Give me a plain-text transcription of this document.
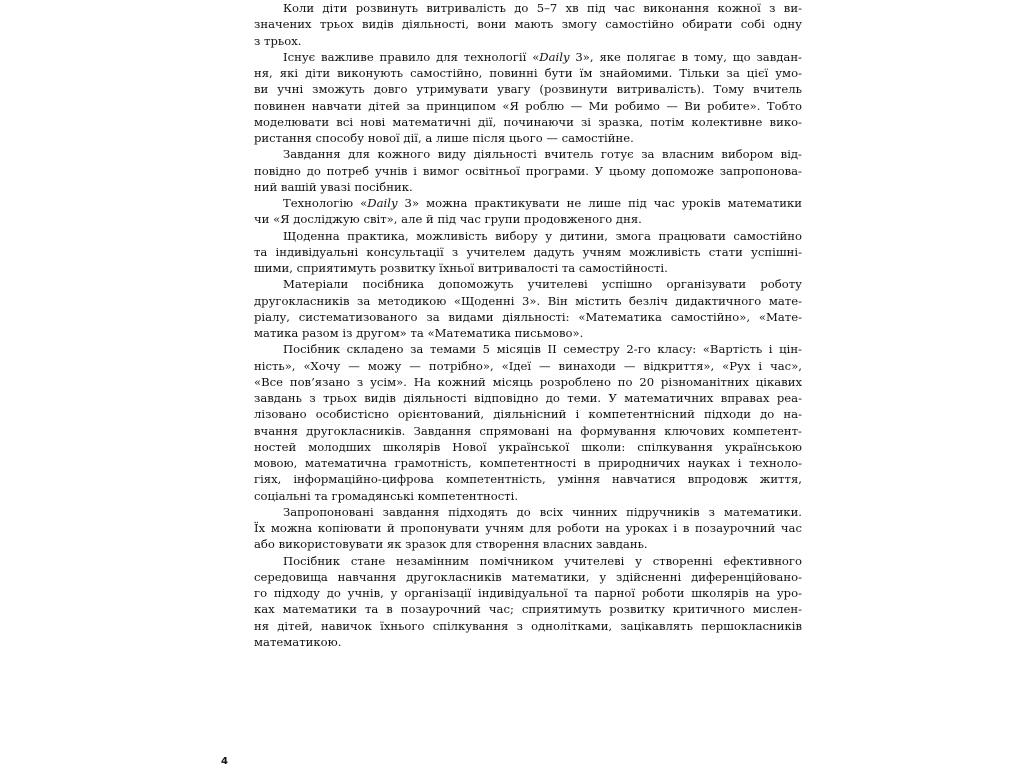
Коли діти розвинуть витривалість до 5–7 хв під час виконання кожної з ви-
значених трьох видів діяльності, вони мають змогу самостійно обирати собі одну
з трьох.
Існує важливе правило для технології «Daily 3», яке полягає в тому, що завдан-
ня, які діти виконують самостійно, повинні бути їм знайомими. Тільки за цієї умо-
ви учні зможуть довго утримувати увагу (розвинути витривалість). Тому вчитель
повинен навчати дітей за принципом «Я роблю — Ми робимо — Ви робите». Тобто
моделювати всі нові математичні дії, починаючи зі зразка, потім колективне вико-
ристання способу нової дії, а лише після цього — самостійне.
Завдання для кожного виду діяльності вчитель готує за власним вибором від-
повідно до потреб учнів і вимог освітньої програми. У цьому допоможе запропонова-
ний вашій увазі посібник.
Технологію «Daily 3» можна практикувати не лише під час уроків математики
чи «Я досліджую світ», але й під час групи продовженого дня.
Щоденна практика, можливість вибору у дитини, змога працювати самостійно
та індивідуальні консультації з учителем дадуть учням можливість стати успішні-
шими, сприятимуть розвитку їхньої витривалості та самостійності.
Матеріали посібника допоможуть учителеві успішно організувати роботу
другокласників за методикою «Щоденні 3». Він містить безліч дидактичного мате-
ріалу, систематизованого за видами діяльності: «Математика самостійно», «Мате-
матика разом із другом» та «Математика письмово».
Посібник складено за темами 5 місяців II семестру 2-го класу: «Вартість і цін-
ність», «Хочу — можу — потрібно», «Ідеї — винаходи — відкриття», «Рух і час»,
«Все пов’язано з усім». На кожний місяць розроблено по 20 різноманітних цікавих
завдань з трьох видів діяльності відповідно до теми. У математичних вправах реа-
лізовано особистісно орієнтований, діяльнісний і компетентнісний підходи до на-
вчання другокласників. Завдання спрямовані на формування ключових компетент-
ностей молодших школярів Нової української школи: спілкування українською
мовою, математична грамотність, компетентності в природничих науках і техноло-
гіях, інформаційно-цифрова компетентність, уміння навчатися впродовж життя,
соціальні та громадянські компетентності.
Запропоновані завдання підходять до всіх чинних підручників з математики.
Їх можна копіювати й пропонувати учням для роботи на уроках і в позаурочний час
або використовувати як зразок для створення власних завдань.
Посібник стане незамінним помічником учителеві у створенні ефективного
середовища навчання другокласників математики, у здійсненні диференційовано-
го підходу до учнів, у організації індивідуальної та парної роботи школярів на уро-
ках математики та в позаурочний час; сприятимуть розвитку критичного мислен-
ня дітей, навичок їхнього спілкування з однолітками, зацікавлять першокласників
математикою.
4
